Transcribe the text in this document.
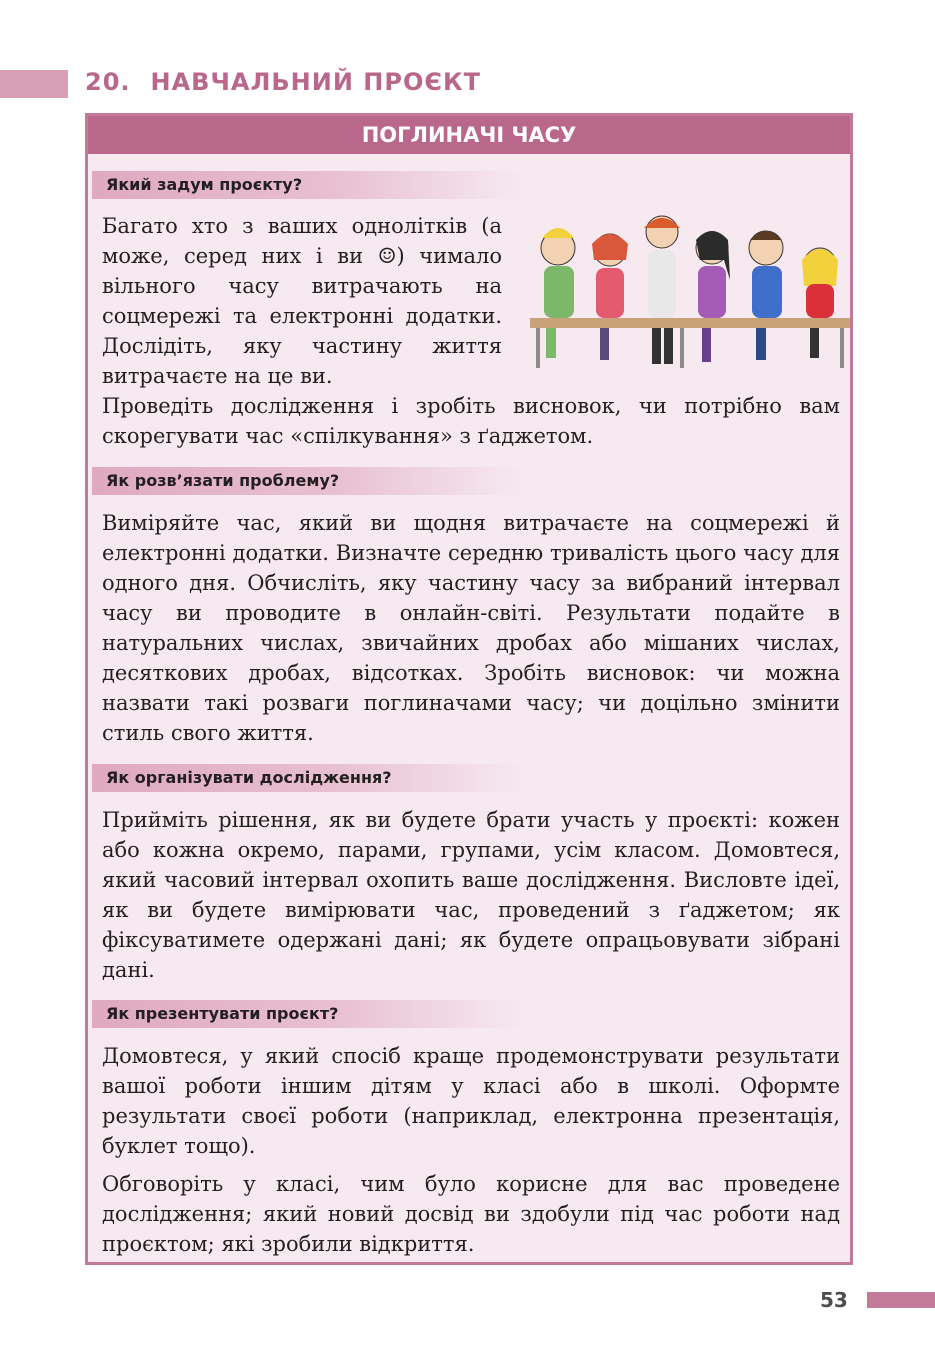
20. НАВЧАЛЬНИЙ ПРОЄКТ
ПОГЛИНАЧІ ЧАСУ
Який задум проєкту?
Багато хто з ваших однолітків (а може, серед них і ви ☺) чимало вільного часу витрачають на соцмережі та електронні додатки. Дослідіть, яку частину життя витрачаєте на це ви.
Проведіть дослідження і зробіть висновок, чи потрібно вам скорегувати час «спілкування» з ґаджетом.
Як розв’язати проблему?
Виміряйте час, який ви щодня витрачаєте на соцмережі й електронні додатки. Визначте середню тривалість цього часу для одного дня. Обчисліть, яку частину часу за вибраний інтервал часу ви проводите в онлайн-світі. Результати подайте в натуральних числах, звичайних дробах або мішаних числах, десяткових дробах, відсотках. Зробіть висновок: чи можна назвати такі розваги поглиначами часу; чи доцільно змінити стиль свого життя.
Як організувати дослідження?
Прийміть рішення, як ви будете брати участь у проєкті: кожен або кожна окремо, парами, групами, усім класом. Домовтеся, який часовий інтервал охопить ваше дослідження. Висловте ідеї, як ви будете вимірювати час, проведений з ґаджетом; як фіксуватимете одержані дані; як будете опрацьовувати зібрані дані.
Як презентувати проєкт?
Домовтеся, у який спосіб краще продемонструвати результати вашої роботи іншим дітям у класі або в школі. Оформте результати своєї роботи (наприклад, електронна презентація, буклет тощо).
Обговоріть у класі, чим було корисне для вас проведене дослідження; який новий досвід ви здобули під час роботи над проєктом; які зробили відкриття.
53
